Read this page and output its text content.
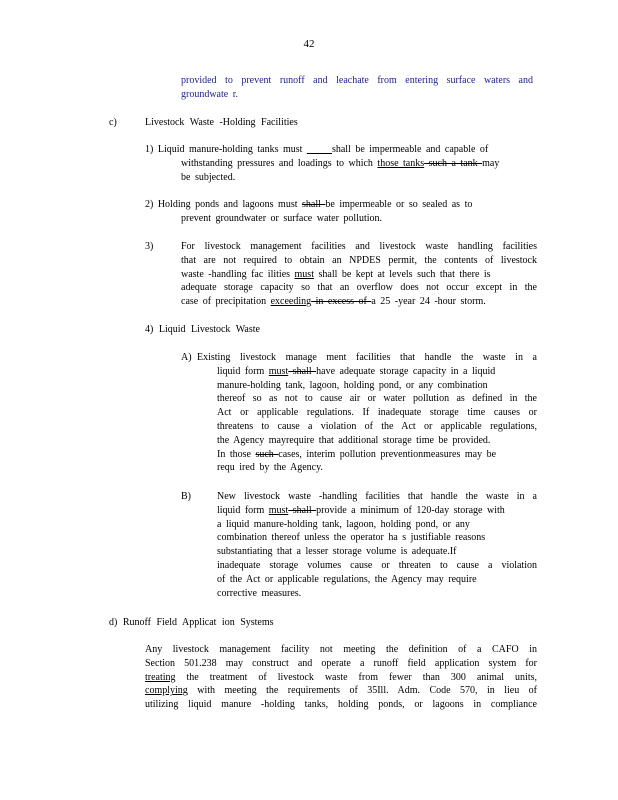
42
provided to prevent runoff and leachate from entering surface waters and
groundwate r.
c)	Livestock Waste -Holding Facilities
1) Liquid manure-holding tanks must _____shall be impermeable and capable of
withstanding pressures and loadings to which those tanks such a tank may
be subjected.
2) Holding ponds and lagoons must shall be impermeable or so sealed as to
prevent groundwater or surface water pollution.
3)	For livestock management facilities and livestock waste handling facilities
that are not required to obtain an NPDES permit, the contents of livestock
waste -handling fac ilities must shall be kept at levels such that there is
adequate storage capacity so that an overflow does not occur except in the
case of precipitation exceeding in excess of a 25 -year 24 -hour storm.
4) Liquid Livestock Waste
A) Existing livestock manage ment facilities that handle the waste in a
liquid form must shall have adequate storage capacity in a liquid
manure-holding tank, lagoon, holding pond, or any combination
thereof so as not to cause air or water pollution as defined in the
Act or applicable regulations. If inadequate storage time causes or
threatens to cause a violation of the Act or applicable regulations,
the Agency mayrequire that additional storage time be provided.
In those such cases, interim pollution preventionmeasures may be
requ ired by the Agency.
B)	New livestock waste -handling facilities that handle the waste in a
liquid form must shall provide a minimum of 120-day storage with
a liquid manure-holding tank, lagoon, holding pond, or any
combination thereof unless the operator ha s justifiable reasons
substantiating that a lesser storage volume is adequate.If
inadequate storage volumes cause or threaten to cause a violation
of the Act or applicable regulations, the Agency may require
corrective measures.
d) Runoff Field Applicat ion Systems
Any livestock management facility not meeting the definition of a CAFO in
Section 501.238 may construct and operate a runoff field application system for
treating the treatment of livestock waste from fewer than 300 animal units,
complying with meeting the requirements of 35Ill. Adm. Code 570, in lieu of
utilizing liquid manure -holding tanks, holding ponds, or lagoons in compliance
